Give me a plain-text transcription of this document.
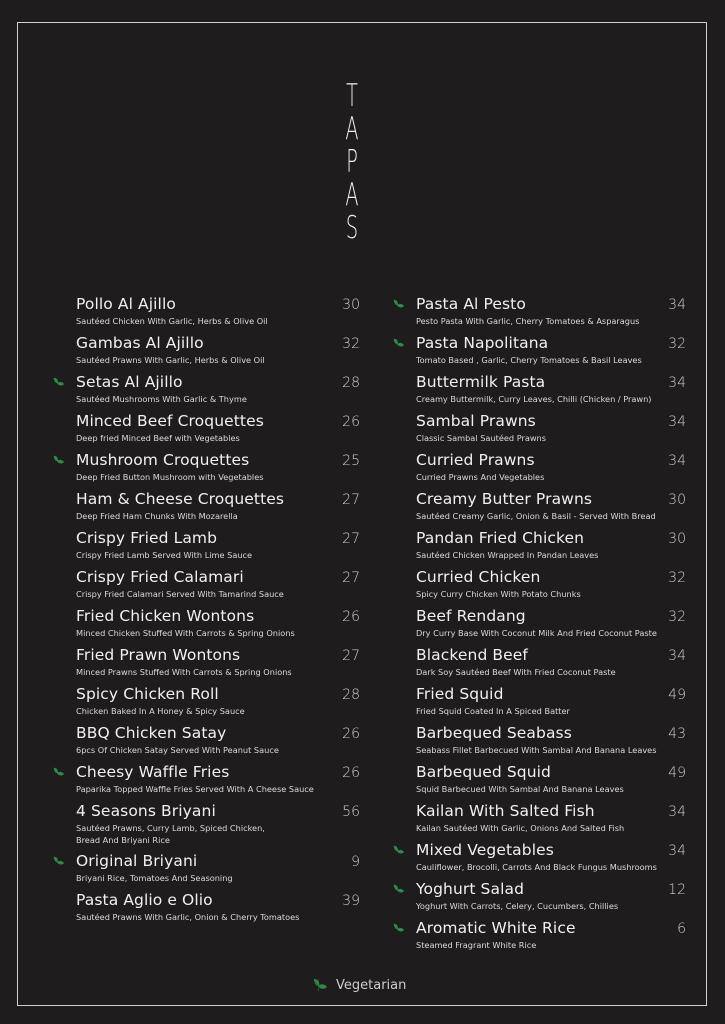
T
A
P
A
S
Pollo Al Ajillo
Sautéed Chicken With Garlic, Herbs & Olive Oil
30
Gambas Al Ajillo
Sautéed Prawns With Garlic, Herbs & Olive Oil
32
Setas Al Ajillo
Sautéed Mushrooms With Garlic & Thyme
28
Minced Beef Croquettes
Deep fried Minced Beef with Vegetables
26
Mushroom Croquettes
Deep Fried Button Mushroom with Vegetables
25
Ham & Cheese Croquettes
Deep Fried Ham Chunks With Mozarella
27
Crispy Fried Lamb
Crispy Fried Lamb Served With Lime Sauce
27
Crispy Fried Calamari
Crispy Fried Calamari Served With Tamarind Sauce
27
Fried Chicken Wontons
Minced Chicken Stuffed With Carrots & Spring Onions
26
Fried Prawn Wontons
Minced Prawns Stuffed With Carrots & Spring Onions
27
Spicy Chicken Roll
Chicken Baked In A Honey & Spicy Sauce
28
BBQ Chicken Satay
6pcs Of Chicken Satay Served With Peanut Sauce
26
Cheesy Waffle Fries
Paparika Topped Waffle Fries Served With A Cheese Sauce
26
4 Seasons Briyani
Sautéed Prawns, Curry Lamb, Spiced Chicken,
Bread And Briyani Rice
56
Original Briyani
Briyani Rice, Tomatoes And Seasoning
9
Pasta Aglio e Olio
Sautéed Prawns With Garlic, Onion & Cherry Tomatoes
39
Pasta Al Pesto
Pesto Pasta With Garlic, Cherry Tomatoes & Asparagus
34
Pasta Napolitana
Tomato Based , Garlic, Cherry Tomatoes & Basil Leaves
32
Buttermilk Pasta
Creamy Buttermilk, Curry Leaves, Chilli (Chicken / Prawn)
34
Sambal Prawns
Classic Sambal Sautéed Prawns
34
Curried Prawns
Curried Prawns And Vegetables
34
Creamy Butter Prawns
Sautéed Creamy Garlic, Onion & Basil - Served With Bread
30
Pandan Fried Chicken
Sautéed Chicken Wrapped In Pandan Leaves
30
Curried Chicken
Spicy Curry Chicken With Potato Chunks
32
Beef Rendang
Dry Curry Base With Coconut Milk And Fried Coconut Paste
32
Blackend Beef
Dark Soy Sautéed Beef With Fried Coconut Paste
34
Fried Squid
Fried Squid Coated In A Spiced Batter
49
Barbequed Seabass
Seabass Fillet Barbecued With Sambal And Banana Leaves
43
Barbequed Squid
Squid Barbecued With Sambal And Banana Leaves
49
Kailan With Salted Fish
Kailan Sautéed With Garlic, Onions And Salted Fish
34
Mixed Vegetables
Cauliflower, Brocolli, Carrots And Black Fungus Mushrooms
34
Yoghurt Salad
Yoghurt With Carrots, Celery, Cucumbers, Chillies
12
Aromatic White Rice
Steamed Fragrant White Rice
6
Vegetarian
